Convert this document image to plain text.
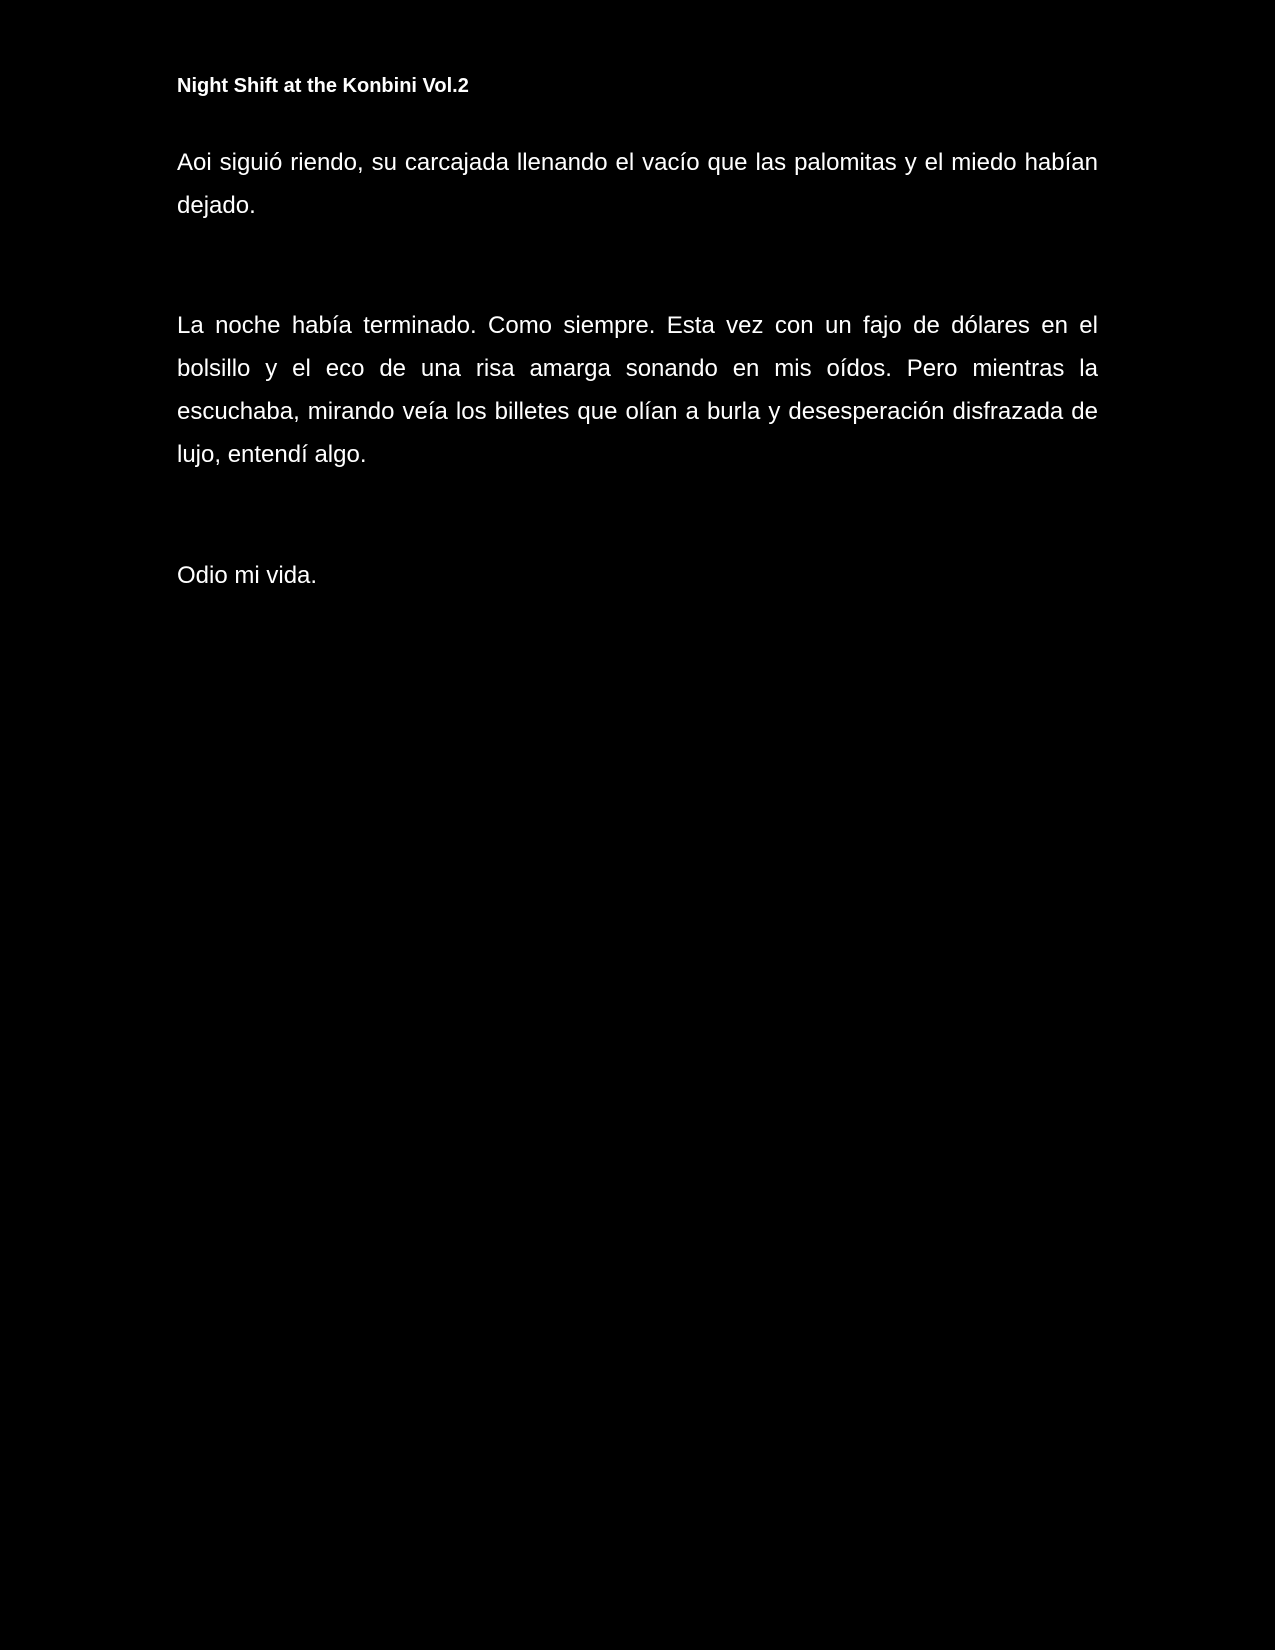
Night Shift at the Konbini Vol.2

Aoi siguió riendo, su carcajada llenando el vacío que las palomitas y el miedo habían dejado.

La noche había terminado. Como siempre. Esta vez con un fajo de dólares en el bolsillo y el eco de una risa amarga sonando en mis oídos. Pero mientras la escuchaba, mirando veía los billetes que olían a burla y desesperación disfrazada de lujo, entendí algo.

Odio mi vida.
